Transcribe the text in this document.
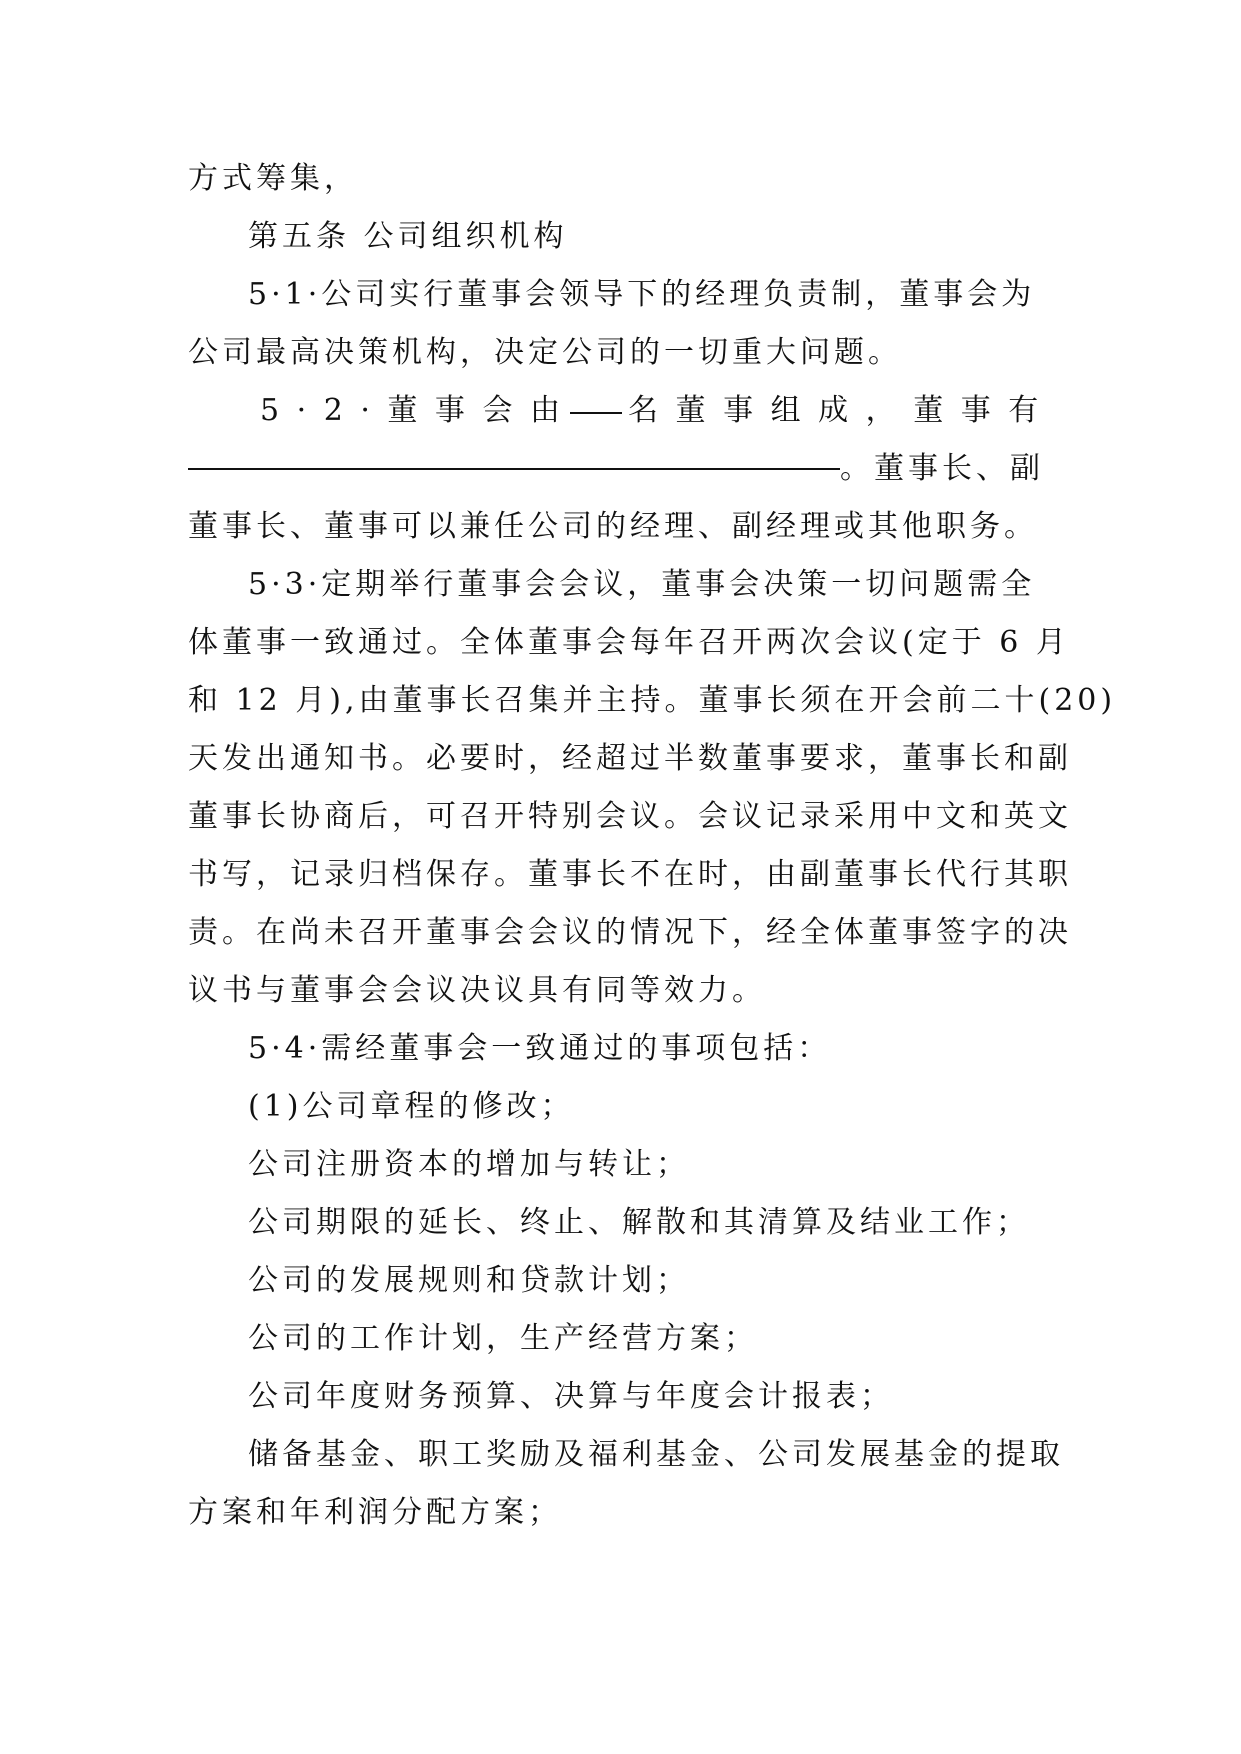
方式筹集，
第五条 公司组织机构
5·1·公司实行董事会领导下的经理负责制，董事会为
公司最高决策机构，决定公司的一切重大问题。
5 · 2 · 董 事 会 由 名 董 事 组 成 ， 董 事 有
。董事长、副
董事长、董事可以兼任公司的经理、副经理或其他职务。
5·3·定期举行董事会会议，董事会决策一切问题需全
体董事一致通过。全体董事会每年召开两次会议(定于 6 月
和 12 月),由董事长召集并主持。董事长须在开会前二十(20)
天发出通知书。必要时，经超过半数董事要求，董事长和副
董事长协商后，可召开特别会议。会议记录采用中文和英文
书写，记录归档保存。董事长不在时，由副董事长代行其职
责。在尚未召开董事会会议的情况下，经全体董事签字的决
议书与董事会会议决议具有同等效力。
5·4·需经董事会一致通过的事项包括：
(1)公司章程的修改；
公司注册资本的增加与转让；
公司期限的延长、终止、解散和其清算及结业工作；
公司的发展规则和贷款计划；
公司的工作计划，生产经营方案；
公司年度财务预算、决算与年度会计报表；
储备基金、职工奖励及福利基金、公司发展基金的提取
方案和年利润分配方案；
